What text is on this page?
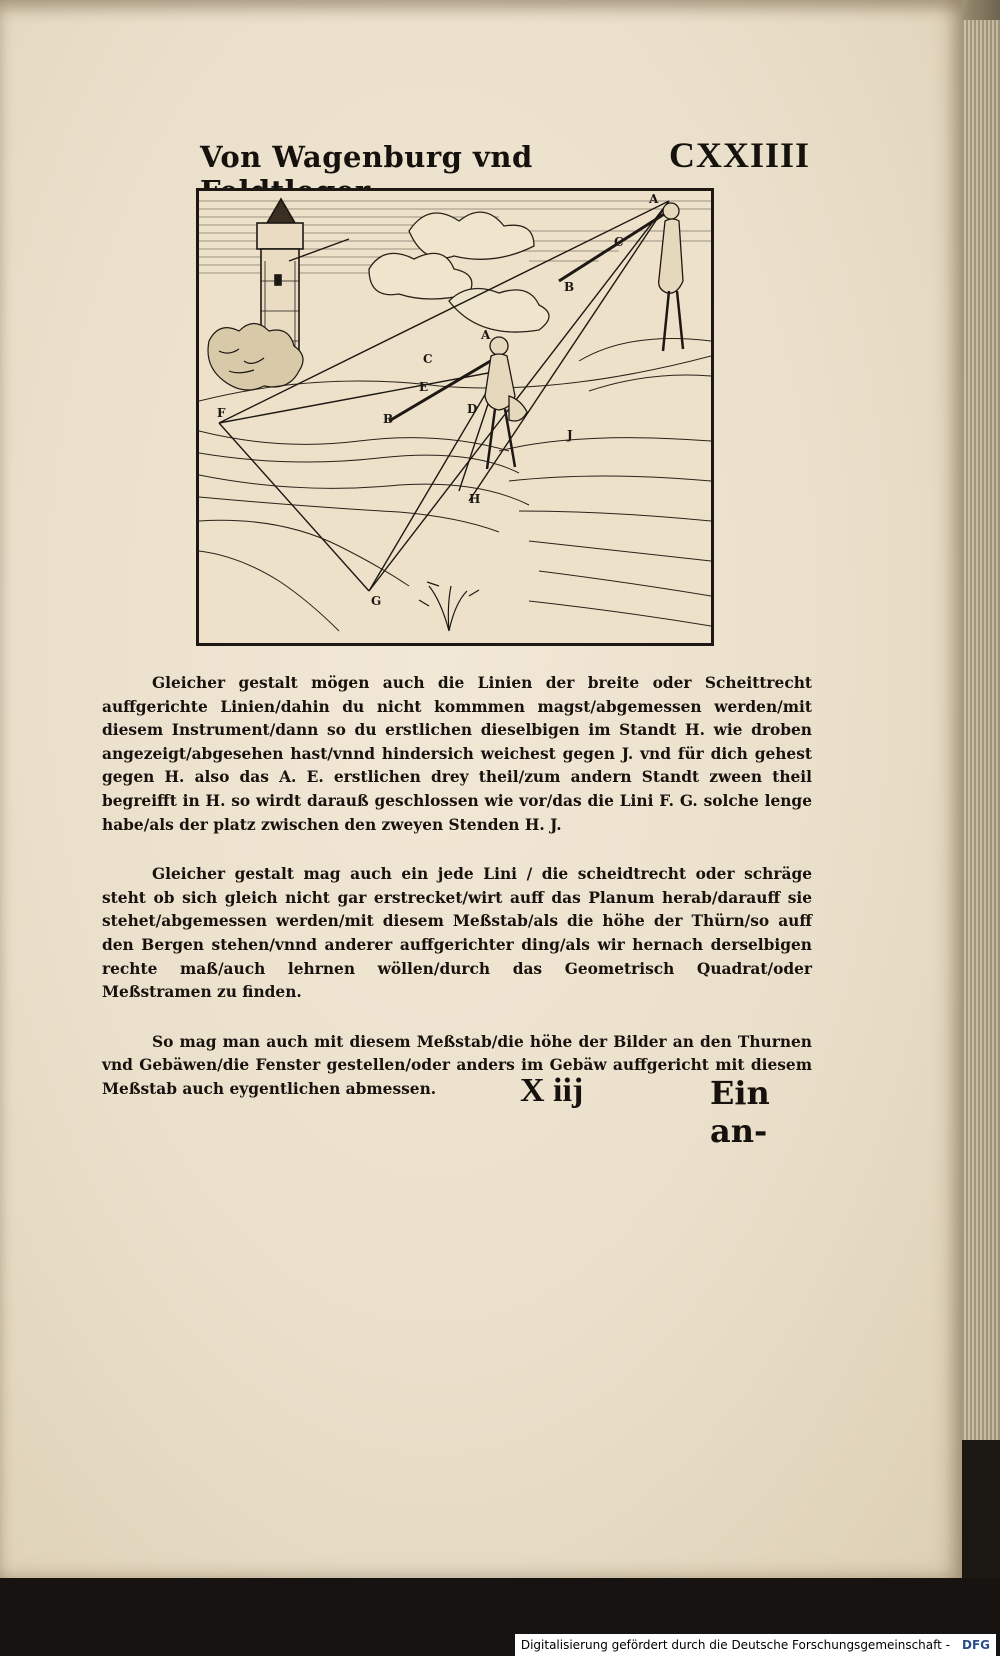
Von Wagenburg vnd	CXXIIII
A
C
B
A
C
E
B
D
F
H
G
J

Gleicher gestalt mögen auch die Linien der breite oder Scheittrecht auffgerichte Linien/dahin du nicht kommmen magst/abgemessen werden/mit diesem Instrument/dann so du erstlichen dieselbigen im Standt H. wie droben angezeigt/abgesehen hast/vnnd hindersich weichest gegen J. vnd für dich gehest gegen H. also das A. E. erstlichen drey theil/zum andern Standt zween theil begreifft in H. so wirdt darauß geschlossen wie vor/das die Lini F. G. solche lenge habe/als der platz zwischen den zweyen Stenden H. J.

Gleicher gestalt mag auch ein jede Lini / die scheidtrecht oder schräge steht ob sich gleich nicht gar erstrecket/wirt auff das Planum herab/darauff sie stehet/abgemessen werden/mit diesem Meßstab/als die höhe der Thürn/so auff den Bergen stehen/vnnd anderer auffgerichter ding/als wir hernach derselbigen rechte maß/auch lehrnen wöllen/durch das Geometrisch Quadrat/oder Meßstramen zu finden.

So mag man auch mit diesem Meßstab/die höhe der Bilder an den Thurnen vnd Gebäwen/die Fenster gestellen/oder anders im Gebäw auffgericht mit diesem Meßstab auch eygentlichen abmessen.	X iij	Ein an-
Digitalisierung gefördert durch die Deutsche Forschungsgemeinschaft - DFG
